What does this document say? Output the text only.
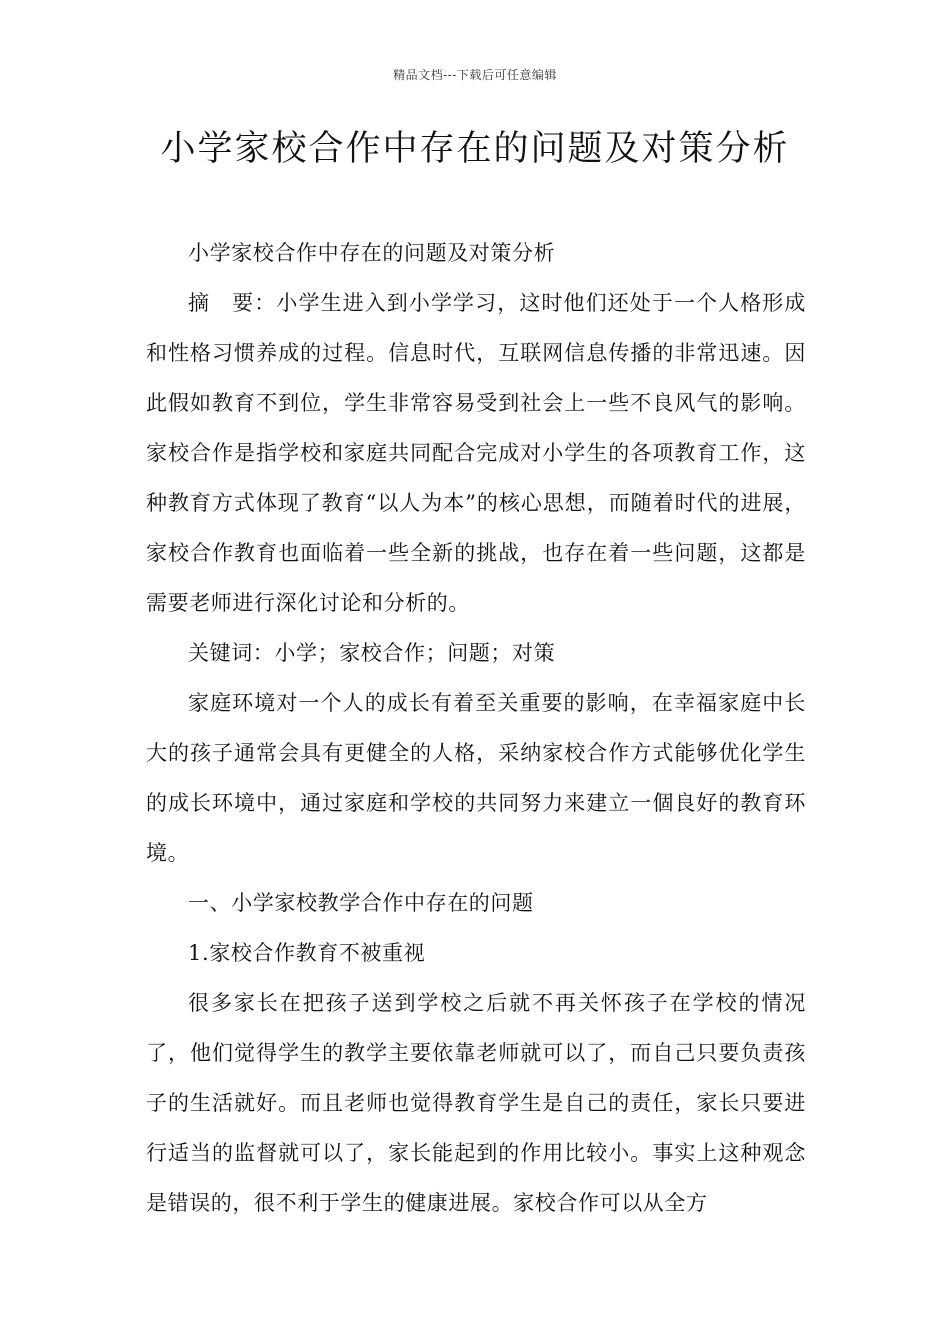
精品文档---下载后可任意编辑
小学家校合作中存在的问题及对策分析

小学家校合作中存在的问题及对策分析

摘　要：小学生进入到小学学习，这时他们还处于一个人格形成和性格习惯养成的过程。信息时代，互联网信息传播的非常迅速。因此假如教育不到位，学生非常容易受到社会上一些不良风气的影响。家校合作是指学校和家庭共同配合完成对小学生的各项教育工作，这种教育方式体现了教育“以人为本”的核心思想，而随着时代的进展，家校合作教育也面临着一些全新的挑战，也存在着一些问题，这都是需要老师进行深化讨论和分析的。

关键词：小学；家校合作；问题；对策

家庭环境对一个人的成长有着至关重要的影响，在幸福家庭中长大的孩子通常会具有更健全的人格，采纳家校合作方式能够优化学生的成长环境中，通过家庭和学校的共同努力来建立一個良好的教育环境。

一、小学家校教学合作中存在的问题

1.家校合作教育不被重视

很多家长在把孩子送到学校之后就不再关怀孩子在学校的情况了，他们觉得学生的教学主要依靠老师就可以了，而自己只要负责孩子的生活就好。而且老师也觉得教育学生是自己的责任，家长只要进行适当的监督就可以了，家长能起到的作用比较小。事实上这种观念是错误的，很不利于学生的健康进展。家校合作可以从全方
